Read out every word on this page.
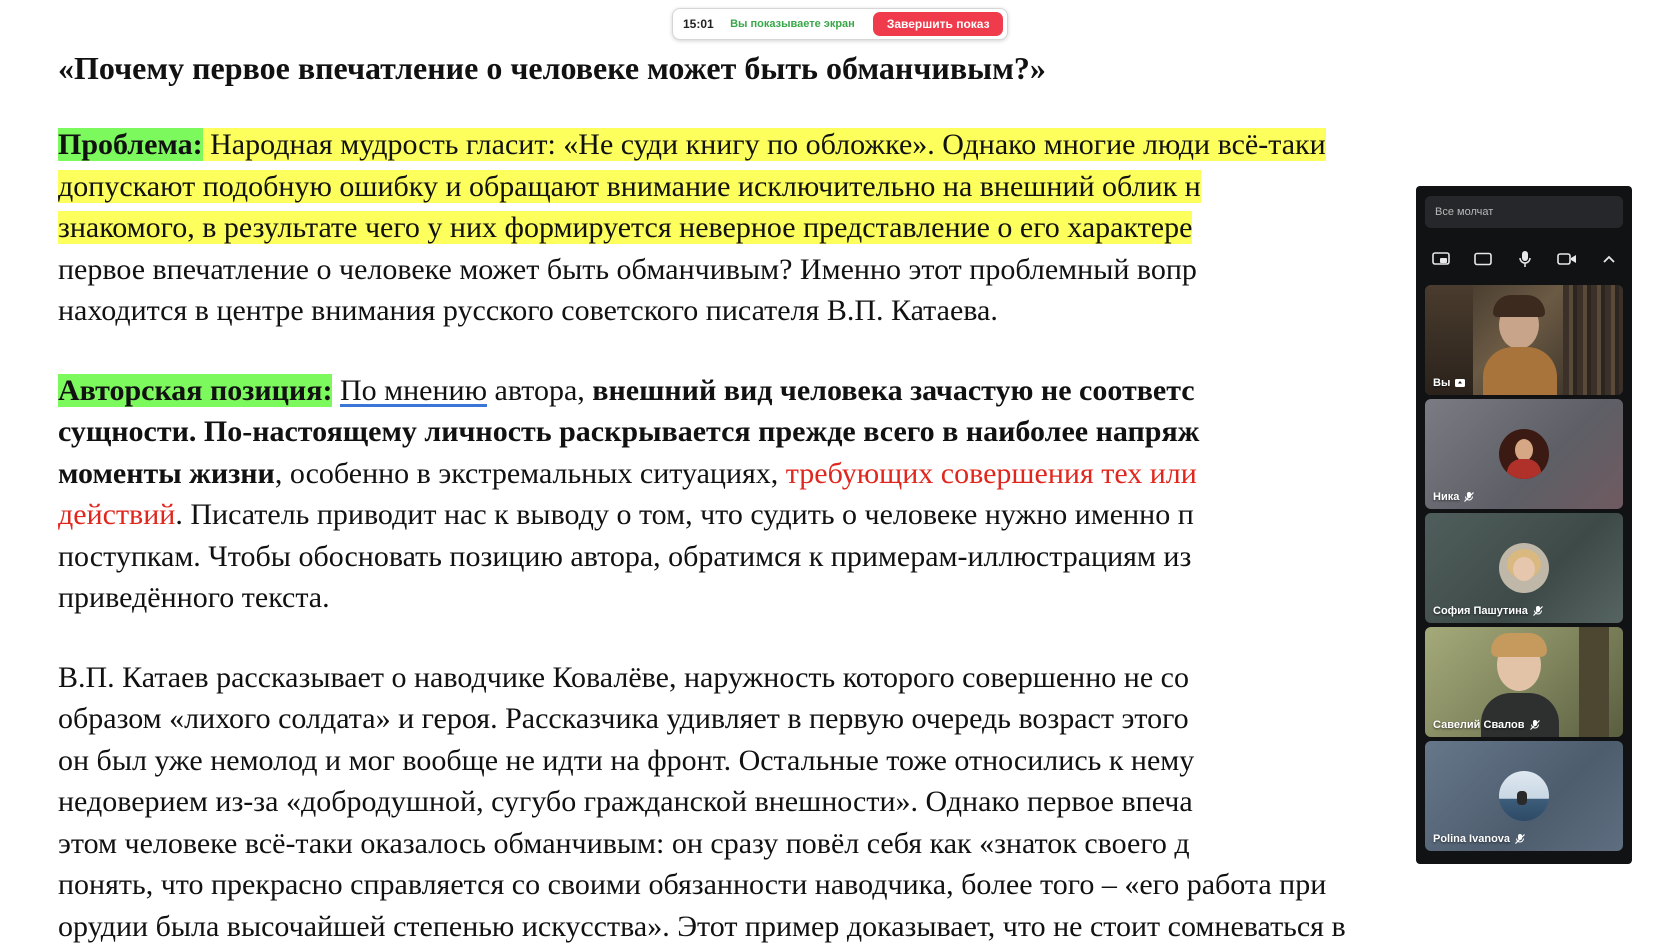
15:01	Вы показываете экран	Завершить показ

«Почему первое впечатление о человеке может быть обманчивым?»

Проблема: Народная мудрость гласит: «Не суди книгу по обложке». Однако многие люди всё-таки
допускают подобную ошибку и обращают внимание исключительно на внешний облик н
знакомого, в результате чего у них формируется неверное представление о его характере
первое впечатление о человеке может быть обманчивым? Именно этот проблемный вопр
находится в центре внимания русского советского писателя В.П. Катаева.

Авторская позиция: По мнению автора, внешний вид человека зачастую не соответс
сущности. По-настоящему личность раскрывается прежде всего в наиболее напряж
моменты жизни, особенно в экстремальных ситуациях, требующих совершения тех или
действий. Писатель приводит нас к выводу о том, что судить о человеке нужно именно п
поступкам. Чтобы обосновать позицию автора, обратимся к примерам-иллюстрациям из
приведённого текста.

В.П. Катаев рассказывает о наводчике Ковалёве, наружность которого совершенно не со
образом «лихого солдата» и героя. Рассказчика удивляет в первую очередь возраст этого
он был уже немолод и мог вообще не идти на фронт. Остальные тоже относились к нему
недоверием из-за «добродушной, сугубо гражданской внешности». Однако первое впеча
этом человеке всё-таки оказалось обманчивым: он сразу повёл себя как «знаток своего д
понять, что прекрасно справляется со своими обязанности наводчика, более того – «его работа при
орудии была высочайшей степенью искусства». Этот пример доказывает, что не стоит сомневаться в

Все молчат
Вы
Ника
София Пашутина
Савелий Свалов
Polina Ivanova
